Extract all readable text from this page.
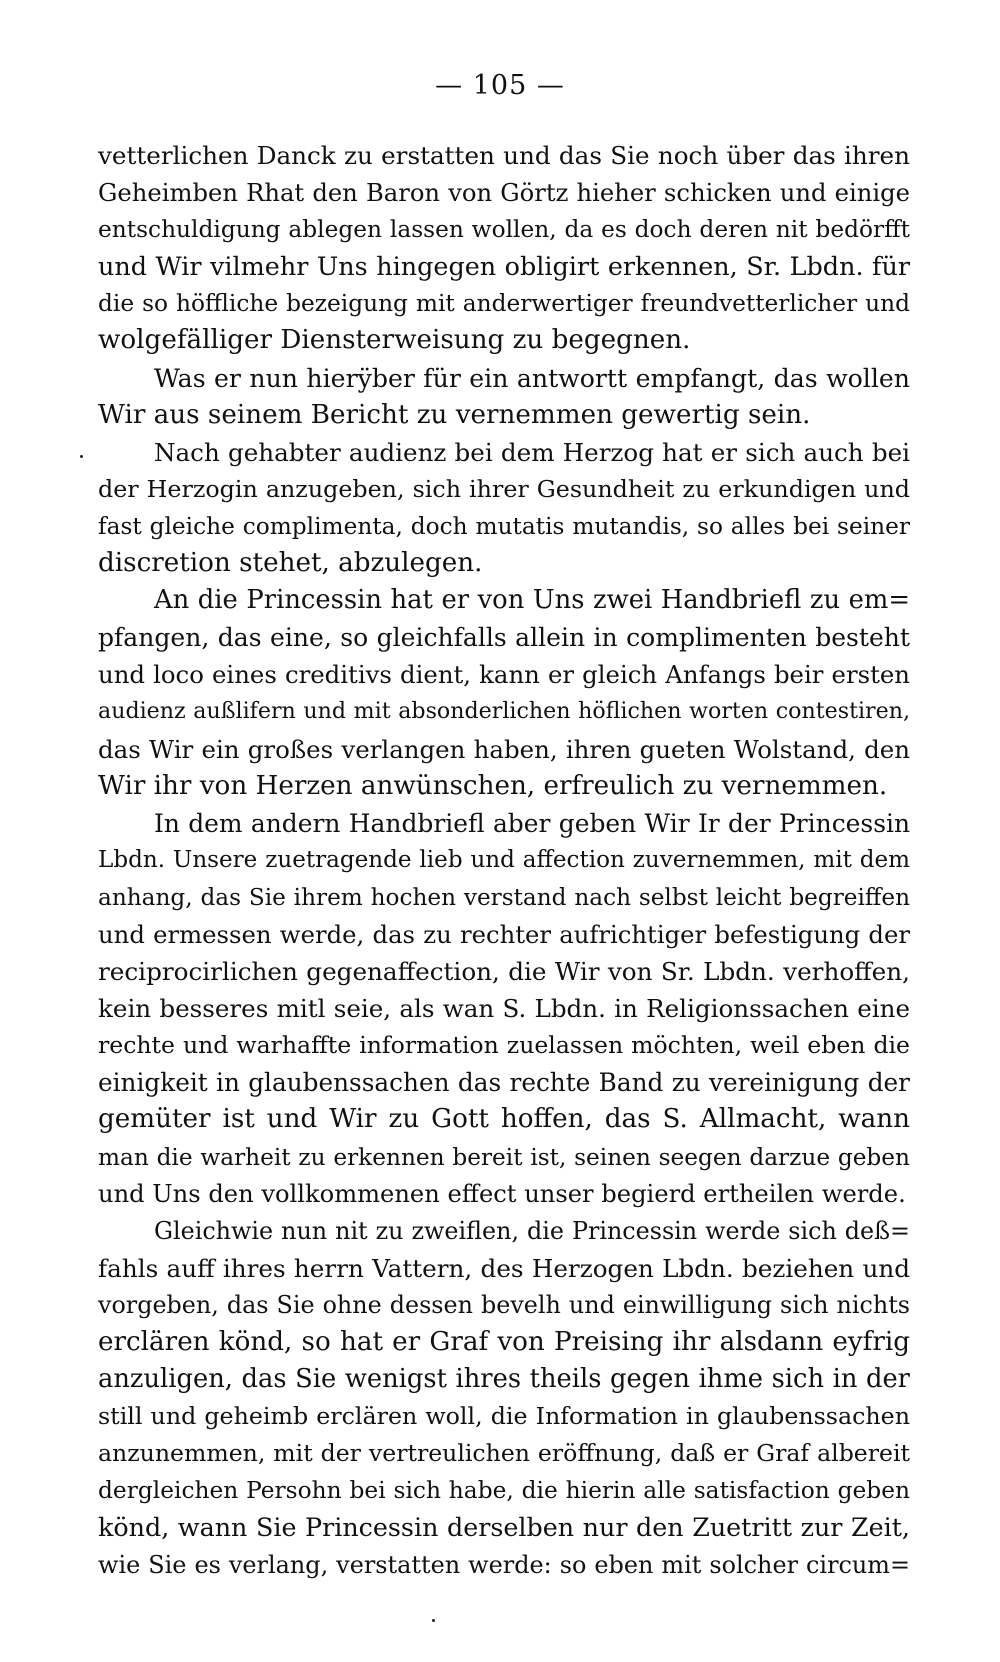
— 105 —
vetterlichen Danck zu erstatten und das Sie noch über das ihren
Geheimben Rhat den Baron von Görtz hieher schicken und einige
entschuldigung ablegen lassen wollen, da es doch deren nit bedörfft
und Wir vilmehr Uns hingegen obligirt erkennen, Sr. Lbdn. für
die so höffliche bezeigung mit anderwertiger freundvetterlicher und
wolgefälliger Diensterweisung zu begegnen.
Was er nun hierÿber für ein antwortt empfangt, das wollen
Wir aus seinem Bericht zu vernemmen gewertig sein.
Nach gehabter audienz bei dem Herzog hat er sich auch bei
der Herzogin anzugeben, sich ihrer Gesundheit zu erkundigen und
fast gleiche complimenta, doch mutatis mutandis, so alles bei seiner
discretion stehet, abzulegen.
An die Princessin hat er von Uns zwei Handbriefl zu em=
pfangen, das eine, so gleichfalls allein in complimenten besteht
und loco eines creditivs dient, kann er gleich Anfangs beir ersten
audienz außlifern und mit absonderlichen höflichen worten contestiren,
das Wir ein großes verlangen haben, ihren gueten Wolstand, den
Wir ihr von Herzen anwünschen, erfreulich zu vernemmen.
In dem andern Handbriefl aber geben Wir Ir der Princessin
Lbdn. Unsere zuetragende lieb und affection zuvernemmen, mit dem
anhang, das Sie ihrem hochen verstand nach selbst leicht begreiffen
und ermessen werde, das zu rechter aufrichtiger befestigung der
reciprocirlichen gegenaffection, die Wir von Sr. Lbdn. verhoffen,
kein besseres mitl seie, als wan S. Lbdn. in Religionssachen eine
rechte und warhaffte information zuelassen möchten, weil eben die
einigkeit in glaubenssachen das rechte Band zu vereinigung der
gemüter ist und Wir zu Gott hoffen, das S. Allmacht, wann
man die warheit zu erkennen bereit ist, seinen seegen darzue geben
und Uns den vollkommenen effect unser begierd ertheilen werde.
Gleichwie nun nit zu zweiflen, die Princessin werde sich deß=
fahls auff ihres herrn Vattern, des Herzogen Lbdn. beziehen und
vorgeben, das Sie ohne dessen bevelh und einwilligung sich nichts
erclären könd, so hat er Graf von Preising ihr alsdann eyfrig
anzuligen, das Sie wenigst ihres theils gegen ihme sich in der
still und geheimb erclären woll, die Information in glaubenssachen
anzunemmen, mit der vertreulichen eröffnung, daß er Graf albereit
dergleichen Persohn bei sich habe, die hierin alle satisfaction geben
könd, wann Sie Princessin derselben nur den Zuetritt zur Zeit,
wie Sie es verlang, verstatten werde: so eben mit solcher circum=
